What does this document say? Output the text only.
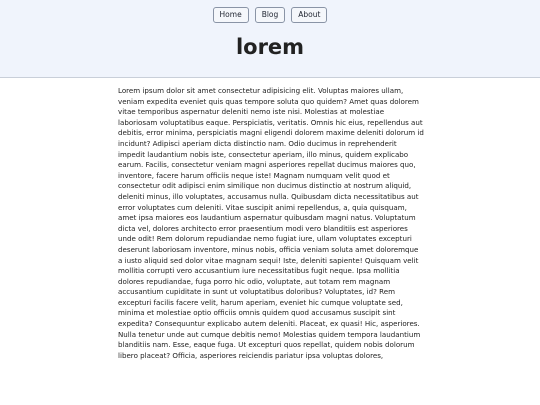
Home	Blog	About
lorem

Lorem ipsum dolor sit amet consectetur adipisicing elit. Voluptas maiores ullam, veniam expedita eveniet quis quas tempore soluta quo quidem? Amet quas dolorem vitae temporibus aspernatur deleniti nemo iste nisi. Molestias at molestiae laboriosam voluptatibus eaque. Perspiciatis, veritatis. Omnis hic eius, repellendus aut debitis, error minima, perspiciatis magni eligendi dolorem maxime deleniti dolorum id incidunt? Adipisci aperiam dicta distinctio nam. Odio ducimus in reprehenderit impedit laudantium nobis iste, consectetur aperiam, illo minus, quidem explicabo earum. Facilis, consectetur veniam magni asperiores repellat ducimus maiores quo, inventore, facere harum officiis neque iste! Magnam numquam velit quod et consectetur odit adipisci enim similique non ducimus distinctio at nostrum aliquid, deleniti minus, illo voluptates, accusamus nulla. Quibusdam dicta necessitatibus aut error voluptates cum deleniti. Vitae suscipit animi repellendus, a, quia quisquam, amet ipsa maiores eos laudantium aspernatur quibusdam magni natus. Voluptatum dicta vel, dolores architecto error praesentium modi vero blanditiis est asperiores unde odit! Rem dolorum repudiandae nemo fugiat iure, ullam voluptates excepturi deserunt laboriosam inventore, minus nobis, officia veniam soluta amet doloremque a iusto aliquid sed dolor vitae magnam sequi! Iste, deleniti sapiente! Quisquam velit mollitia corrupti vero accusantium iure necessitatibus fugit neque. Ipsa mollitia dolores repudiandae, fuga porro hic odio, voluptate, aut totam rem magnam accusantium cupiditate in sunt ut voluptatibus doloribus? Voluptates, id? Rem excepturi facilis facere velit, harum aperiam, eveniet hic cumque voluptate sed, minima et molestiae optio officiis omnis quidem quod accusamus suscipit sint expedita? Consequuntur explicabo autem deleniti. Placeat, ex quasi! Hic, asperiores. Nulla tenetur unde aut cumque debitis nemo! Molestias quidem tempora laudantium blanditiis nam. Esse, eaque fuga. Ut excepturi quos repellat, quidem nobis dolorum libero placeat? Officia, asperiores reiciendis pariatur ipsa voluptas dolores,
